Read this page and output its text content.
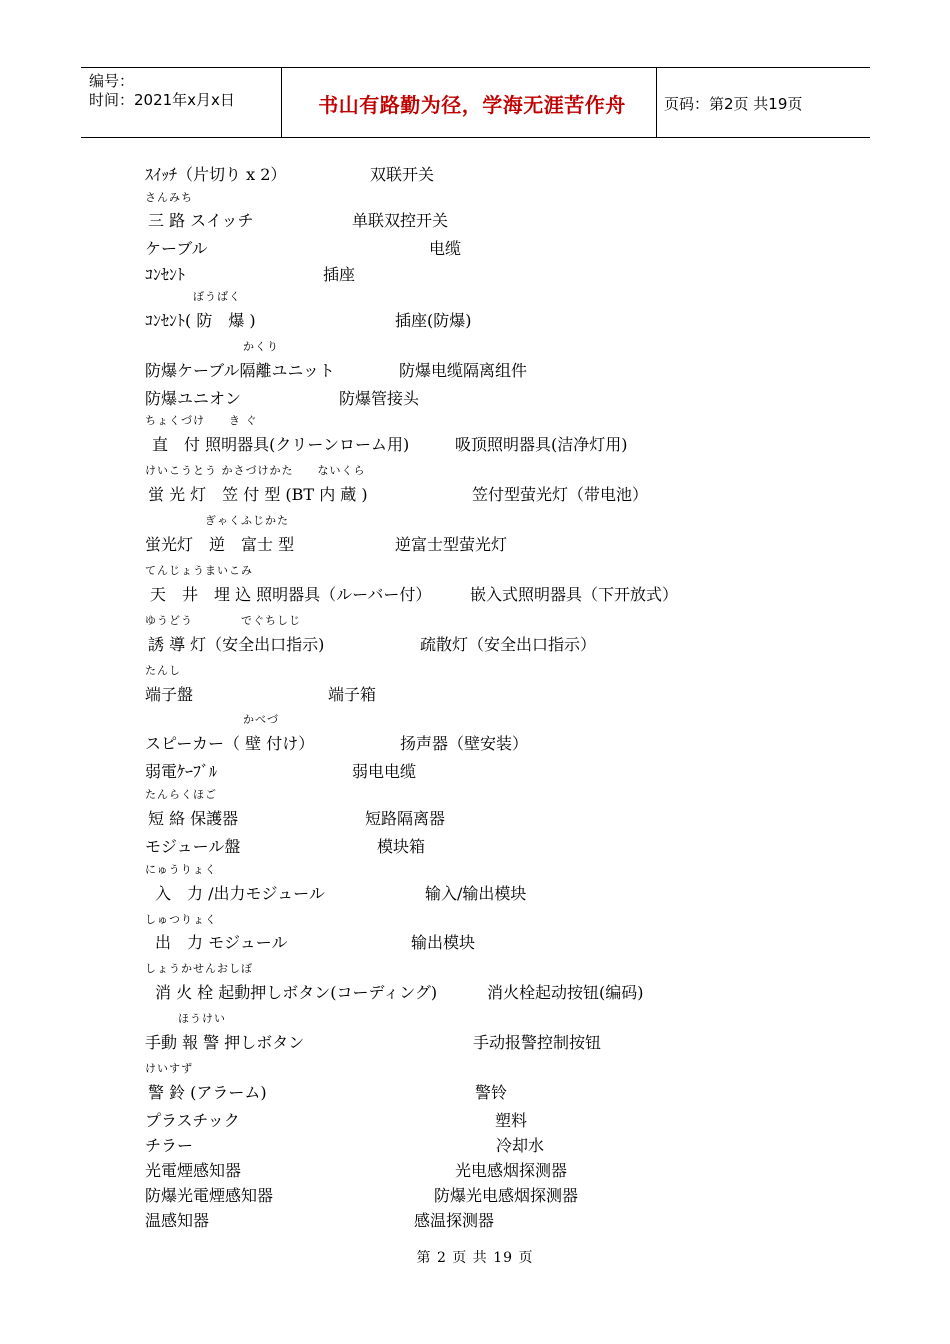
编号：
时间：2021年x月x日	书山有路勤为径，学海无涯苦作舟	页码：第2页 共19页
ｽｲｯﾁ（片切り x 2）	双联开关
さんみち
三 路 スイッチ	单联双控开关
ケーブル	电缆
ｺﾝｾﾝﾄ	插座
ぼうばく
ｺﾝｾﾝﾄ( 防　爆 )	插座(防爆)
かくり
防爆ケーブル隔離ユニット	防爆电缆隔离组件
防爆ユニオン	防爆管接头
ちょくづけ　　き ぐ
直　付 照明器具(クリーンローム用)	吸顶照明器具(洁净灯用)
けいこうとう かさづけかた　　ないくら
蛍 光 灯　笠 付 型 (BT 内 蔵 )	笠付型萤光灯（带电池）
ぎゃくふじかた
蛍光灯　逆　富士 型	逆富士型萤光灯
てんじょうまいこみ
天　井　埋 込 照明器具（ルーバー付） 嵌入式照明器具（下开放式）
ゆうどう　　　　でぐちしじ
誘 導 灯（安全出口指示)	疏散灯（安全出口指示）
たんし
端子盤	端子箱
かべづ
スピーカー（ 壁 付け）	扬声器（壁安装）
弱電ｹｰﾌﾞﾙ	弱电电缆
たんらくほご
短 絡 保護器	短路隔离器
モジュール盤	模块箱
にゅうりょく
入　力 /出力モジュール	输入/输出模块
しゅつりょく
出　力 モジュール	输出模块
しょうかせんおしぼ
消 火 栓 起動押しボタン(コーディング)	消火栓起动按钮(编码)
ほうけい
手動 報 警 押しボタン	手动报警控制按钮
けいすず
警 鈴 (アラーム)	警铃
プラスチック	塑料
チラー	冷却水
光電煙感知器	光电感烟探测器
防爆光電煙感知器	防爆光电感烟探测器
温感知器	感温探测器
第 2 页 共 19 页
